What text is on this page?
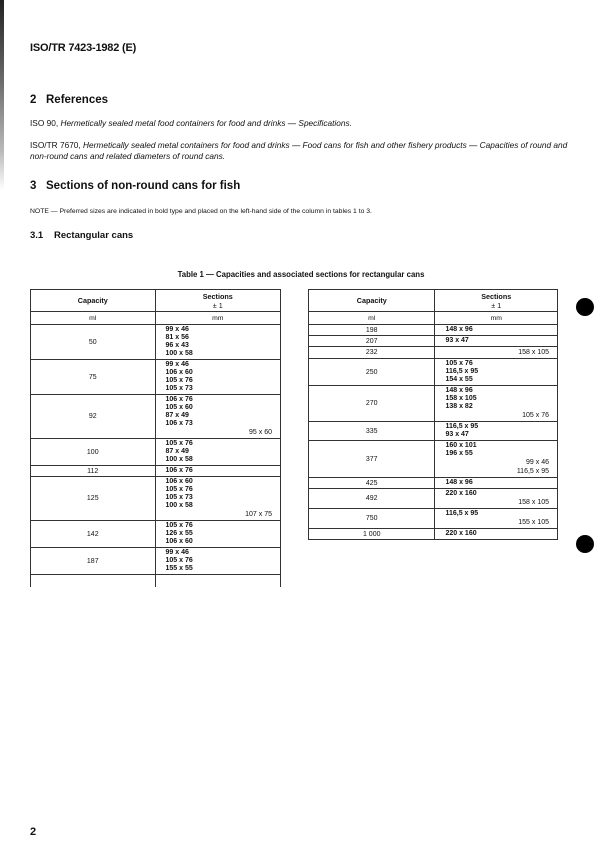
ISO/TR 7423-1982 (E)
2 References
ISO 90, Hermetically sealed metal food containers for food and drinks — Specifications.
ISO/TR 7670, Hermetically sealed metal containers for food and drinks — Food cans for fish and other fishery products — Capacities of round and non-round cans and related diameters of round cans.
3 Sections of non-round cans for fish
NOTE — Preferred sizes are indicated in bold type and placed on the left-hand side of the column in tables 1 to 3.
3.1 Rectangular cans
Table 1 — Capacities and associated sections for rectangular cans
Capacity	Sections
± 1
ml	mm
50	99 x 46
81 x 56
96 x 43
100 x 58

75	99 x 46
106 x 60
105 x 76
105 x 73

92	106 x 76
105 x 60
87 x 49
106 x 73
95 x 60

100	105 x 76
87 x 49
100 x 58

112	106 x 76

125	106 x 60
105 x 76
105 x 73
100 x 58
107 x 75

142	105 x 76
126 x 55
106 x 60

187	99 x 46
105 x 76
155 x 55

Capacity	Sections
± 1
ml	mm
198	148 x 96

207	93 x 47

232	158 x 105

250	105 x 76
116,5 x 95
154 x 55

270	148 x 96
158 x 105
138 x 82
105 x 76

335	116,5 x 95
93 x 47

377	160 x 101
196 x 55
99 x 46
116,5 x 95

425	148 x 96

492	220 x 160
158 x 105

750	116,5 x 95
155 x 105

1 000	220 x 160
2
